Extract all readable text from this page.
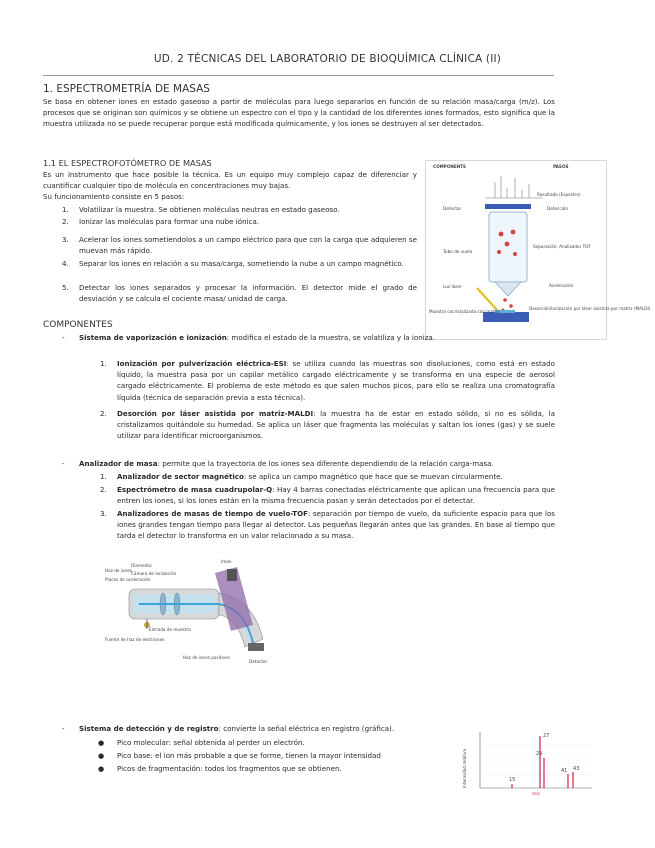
UD. 2 TÉCNICAS DEL LABORATORIO DE BIOQUÍMICA CLÍNICA (II)
1. ESPECTROMETRÍA DE MASAS
Se basa en obtener iones en estado gaseoso a partir de moléculas para luego separarlos en función de su relación masa/carga (m/z). Los procesos que se originan son químicos y se obtiene un espectro con el tipo y la cantidad de los diferentes iones formados, esto significa que la muestra utilizada no se puede recuperar porque está modificada químicamente, y los iones se destruyen al ser detectados.
1.1 EL ESPECTROFOTÓMETRO DE MASAS
Es un instrumento que hace posible la técnica. Es un equipo muy complejo capaz de diferenciar y cuantificar cualquier tipo de molécula en concentraciones muy bajas.
Su funcionamiento consiste en 5 pasos:
1. Volatilizar la muestra. Se obtienen moléculas neutras en estado gaseoso.
2. Ionizar las moléculas para formar una nube iónica.
3. Acelerar los iones sometiendolos a un campo eléctrico para que con la carga que adquieren se muevan más rápido.
4. Separar los iones en relación a su masa/carga, sometiendo la nube a un campo magnético.
5. Detectar los iones separados y procesar la información. El detector mide el grado de desviación y se calcula el cociente masa/ unidad de carga.
COMPONENTE	PASOS
Detector
Tubo de vuelo
Luz láser
Muestra cocristalizada con matriz
Resultado (Espectro)
Detección
Separación; Analizador TOF
Aceleración
Desorción/ionización por láser asistida por matriz (MALDI)
COMPONENTES
- Sistema de vaporización e ionización: modifica el estado de la muestra, se volatiliza y la ioniza.
1. Ionización por pulverización eléctrica-ESI: se utiliza cuando las muestras son disoluciones, como está en estado líquido, la muestra pasa por un capilar metálico cargado eléctricamente y se transforma en una especie de aerosol cargado eléctricamente. El problema de este método es que salen muchos picos, para ello se realiza una cromatografía líquida (técnica de separación previa a esta técnica).
2. Desorción por láser asistida por matriz-MALDI: la muestra ha de estar en estado sólido, si no es sólida, la cristalizamos quitándole su humedad. Se aplica un láser que fragmenta las moléculas y saltan los iones (gas) y se suele utilizar para identificar microorganismos.
- Analizador de masa: permite que la trayectoria de los iones sea diferente dependiendo de la relación carga-masa.
1. Analizador de sector magnético: se aplica un campo magnético que hace que se muevan circularmente.
2. Espectrómetro de masa cuadrupolar-Q: Hay 4 barras conectadas eléctricamente que aplican una frecuencia para que entren los iones, si los iones están en la misma frecuencia pasan y serán detectados por el detectar.
3. Analizadores de masas de tiempo de vuelo-TOF: separación por tiempo de vuelo, da suficiente espacio para que los iones grandes tengan tiempo para llegar al detector. Las pequeñas llegarán antes que las grandes. En base al tiempo que tarda el detector lo transforma en un valor relacionado a su masa.
Haz de iones
Filamento
Cámara de ionización
Entrada de muestra
Placas de aceleración
Imán
Fuente de haz de electrones
Haz de iones positivos
Detector
- Sistema de detección y de registro: convierte la señal eléctrica en registro (gráfica).
● Pico molecular: señal obtenida al perder un electrón.
● Pico base: el ion más probable a que se forme, tienen la mayor intensidad
● Picos de fragmentación: todos los fragmentos que se obtienen.	Intensidad relativa	15
27
29
41 43
m/z
